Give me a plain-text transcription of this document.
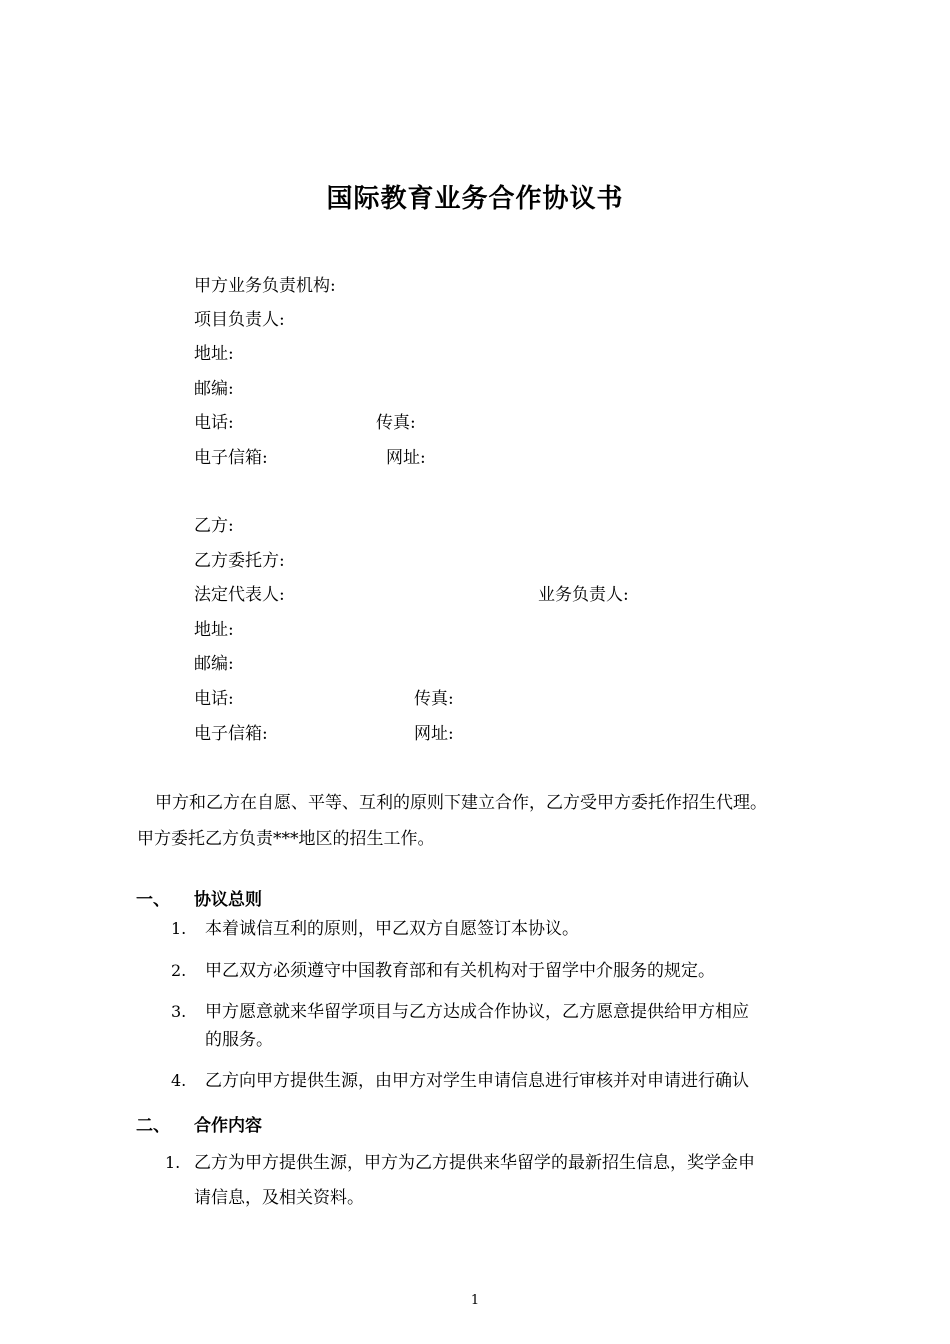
国际教育业务合作协议书
甲方业务负责机构:
项目负责人:
地址:
邮编:
电话:	传真:
电子信箱:	网址:
乙方:
乙方委托方:
法定代表人:	业务负责人:
地址:
邮编:
电话:	传真:
电子信箱:	网址:
甲方和乙方在自愿、平等、互利的原则下建立合作，乙方受甲方委托作招生代理。
甲方委托乙方负责***地区的招生工作。
一、 协议总则
1. 本着诚信互利的原则，甲乙双方自愿签订本协议。
2. 甲乙双方必须遵守中国教育部和有关机构对于留学中介服务的规定。
3. 甲方愿意就来华留学项目与乙方达成合作协议，乙方愿意提供给甲方相应
的服务。
4. 乙方向甲方提供生源，由甲方对学生申请信息进行审核并对申请进行确认
二、 合作内容
1. 乙方为甲方提供生源，甲方为乙方提供来华留学的最新招生信息，奖学金申
请信息，及相关资料。
1
